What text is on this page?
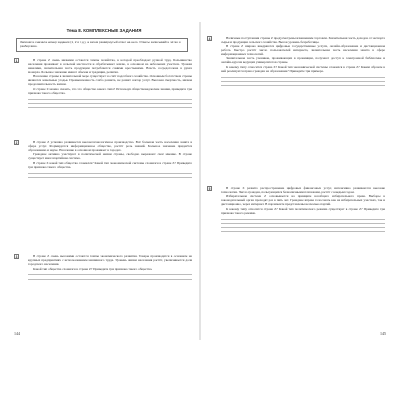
Тема 8. КОМПЛЕКСНЫЕ ЗАДАНИЯ
Запишите сначала номер задания (1, 2 и т.д.), а затем развёрнутый ответ на него. Ответы записывайте чётко и разборчиво.
1	В стране Z очень низкими остаются темпы хозяйства, в которой преобладает ручной труд. Большинство населения проживает в сельской местности и обрабатывает землю, в основном на небольших участках. Урожаи невелики, значительная часть продукции потребляется самими крестьянами. Власть сосредоточена в руках монарха. Большое значение имеют обычаи и традиции, религия.

Население страны в значительной мере существует за счёт подсобного хозяйства. Основным богатством страны являются земельные угодья. Промышленность слабо развита, не развит сектор услуг. Высокая смертность, низкая продолжительность жизни.

О стране Z можно сказать, что это общество какого типа? Используя обществоведческие знания, приведите три признака такого общества.

2	В стране Z успешно развивается высокотехнологичное производство. Всё большая часть населения занята в сфере услуг. Формируется информационное общество, растёт роль знаний. Большое значение придаётся образованию и науке. Население в основном проживает в городах.

Граждане активно участвуют в политической жизни страны, свободно выражают своё мнение. В стране существует многопартийная система.

В стране Z какой тип общества сложился? Какой тип экономической системы сложился в стране Z? Приведите три признака такого общества.

3	В стране Z очень высокими остаются темпы экономического развития. Товары производятся в основном на крупных предприятиях с использованием машинного труда. Уровень жизни населения растёт, увеличивается доля городского населения.

Какой тип общества сложился в стране Z? Приведите три признака такого общества.

144
4	Наличные поступления страны Z предусмотрены изменением торговли. Значительная часть доходов от экспорта сырья и продукции сельского хозяйства. Высок уровень безработицы.

В стране Z широко внедряются цифровые государственные услуги, онлайн-образование и дистанционная работа. Быстро растёт число пользователей интернета, значительная часть населения занята в сфере информационных технологий.

Значительная часть учеников, проживающих в провинции, получают доступ к электронной библиотеке и онлайн-курсам ведущих университетов страны.

К какому типу относится страна Z? Какой тип экономической системы сложился в стране Z? Каким образом в ней реализуется право граждан на образование? Приведите три примера.

5	В стране Z развито распространение цифровых финансовых услуг, интенсивно развиваются высокие технологии. Число граждан, пользующихся безналичными платежами, растёт с каждым годом.

Избирательная система Z основывается на принципе всеобщего избирательного права. Выборы в законодательный орган проходят раз в пять лет. Граждане вправе голосовать как на избирательных участках, так и дистанционно, через интернет. В парламенте представлены несколько партий.

К какому типу относится страна Z? Какой тип политического режима существует в стране Z? Приведите три признака такого режима.

145
